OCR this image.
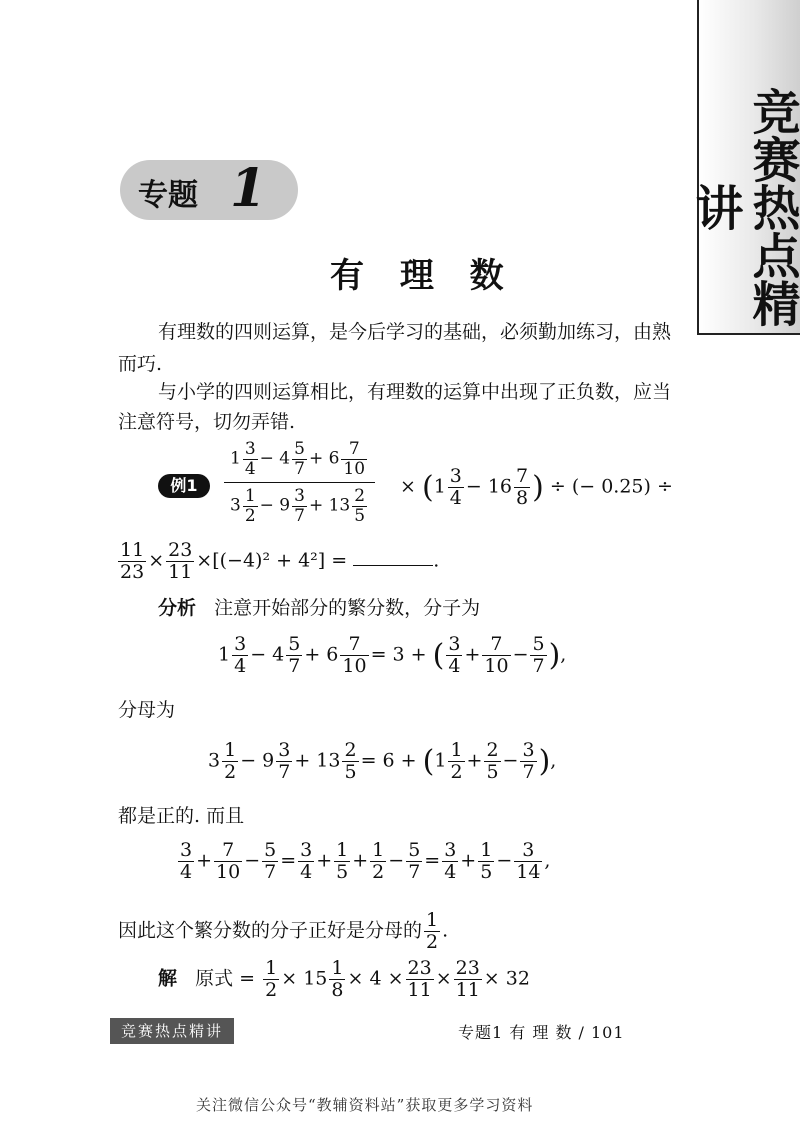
竞赛热点精讲
专题 1
有 理 数
有理数的四则运算，是今后学习的基础，必须勤加练习，由熟
而巧.
与小学的四则运算相比，有理数的运算中出现了正负数，应当
注意符号，切勿弄错.
例1	$\frac{1 \frac{3}{4} - 4 \frac{5}{7} + 6 \frac{7}{10}}{3 \frac{1}{2} - 9 \frac{3}{7} + 13 \frac{2}{5}} \times (1 \frac{3}{4} - 16 \frac{7}{8}$ ) ÷ (− 0.25) ÷
$\frac{11}{23} \times \frac{23}{11} \times[(-4)^2 + 4^2]$ =	.
分析 注意开始部分的繁分数，分子为
$1 \frac{3}{4} - 4 \frac{5}{7} + 6 \frac{7}{10} = 3$ + ( $\frac{3}{4} + \frac{7}{10} - \frac{5}{7}$ ),
分母为
$3 \frac{1}{2} - 9 \frac{3}{7} + 13 \frac{2}{5} = 6 + (1 \frac{1}{2} + \frac{2}{5} - \frac{3}{7}$ ),
都是正的. 而且
$\frac{3}{4} + \frac{7}{10} - \frac{5}{7} = \frac{3}{4} + \frac{1}{5} + \frac{1}{2} - \frac{5}{7} = \frac{3}{4} + \frac{1}{5} - \frac{3}{14}$ ,
因此这个繁分数的分子正好是分母的 $\frac{1}{2}$ .
解 原式 = $\frac{1}{2} \times 15 \frac{1}{8} \times 4 \times \frac{23}{11} \times \frac{23}{11} \times 32$
竞赛热点精讲	专题1 有 理 数 / 101
关注微信公众号“教辅资料站”获取更多学习资料
